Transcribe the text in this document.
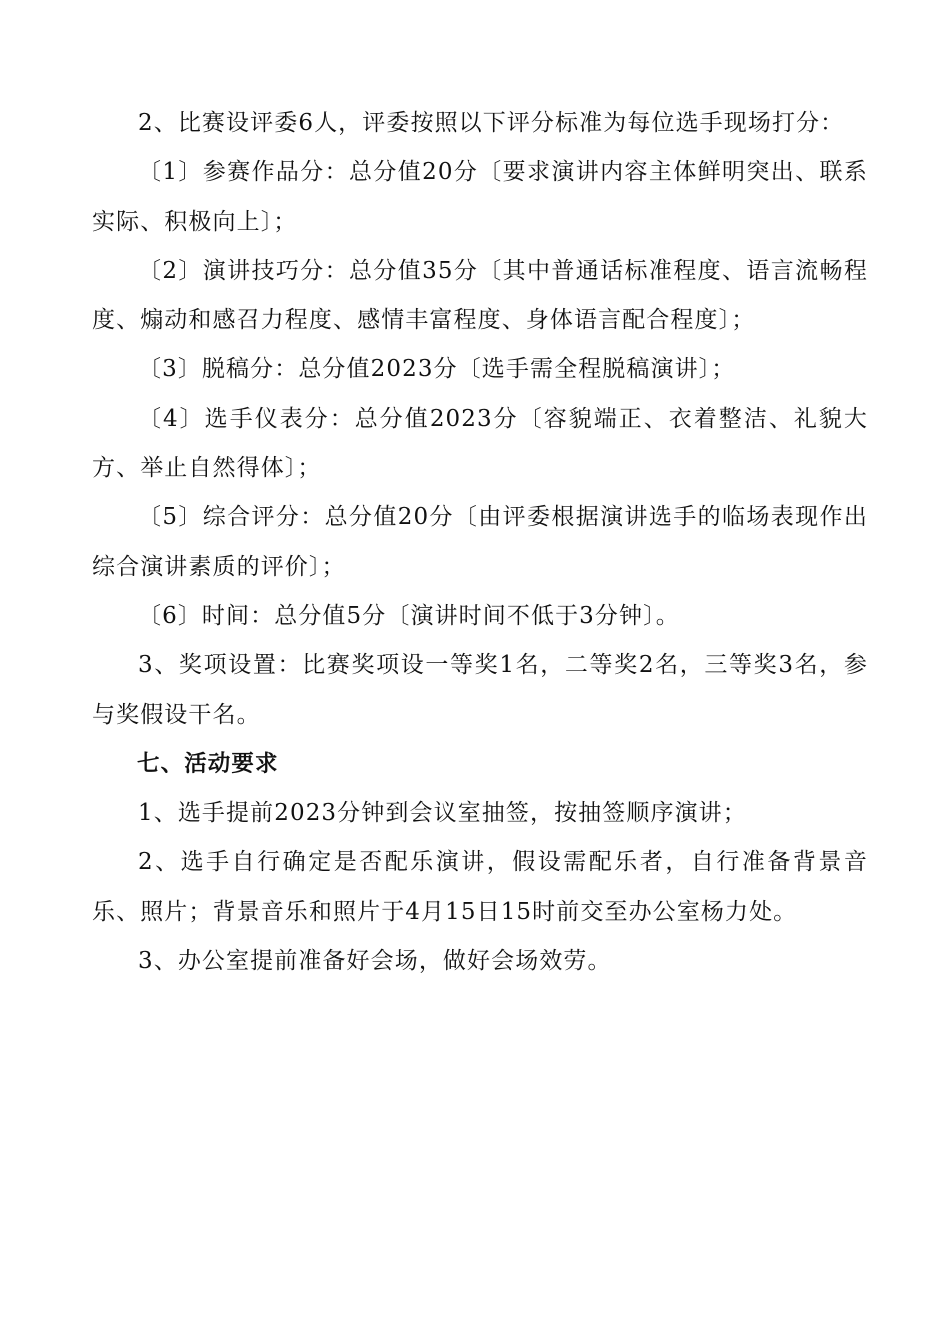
2、比赛设评委6人，评委按照以下评分标准为每位选手现场打分：

〔1〕参赛作品分：总分值20分〔要求演讲内容主体鲜明突出、联系实际、积极向上〕；

〔2〕演讲技巧分：总分值35分〔其中普通话标准程度、语言流畅程度、煽动和感召力程度、感情丰富程度、身体语言配合程度〕；

〔3〕脱稿分：总分值2023分〔选手需全程脱稿演讲〕；

〔4〕选手仪表分：总分值2023分〔容貌端正、衣着整洁、礼貌大方、举止自然得体〕；

〔5〕综合评分：总分值20分〔由评委根据演讲选手的临场表现作出综合演讲素质的评价〕；

〔6〕时间：总分值5分〔演讲时间不低于3分钟〕。

3、奖项设置：比赛奖项设一等奖1名，二等奖2名，三等奖3名，参与奖假设干名。

七、活动要求

1、选手提前2023分钟到会议室抽签，按抽签顺序演讲；

2、选手自行确定是否配乐演讲，假设需配乐者，自行准备背景音乐、照片；背景音乐和照片于4月15日15时前交至办公室杨力处。

3、办公室提前准备好会场，做好会场效劳。
